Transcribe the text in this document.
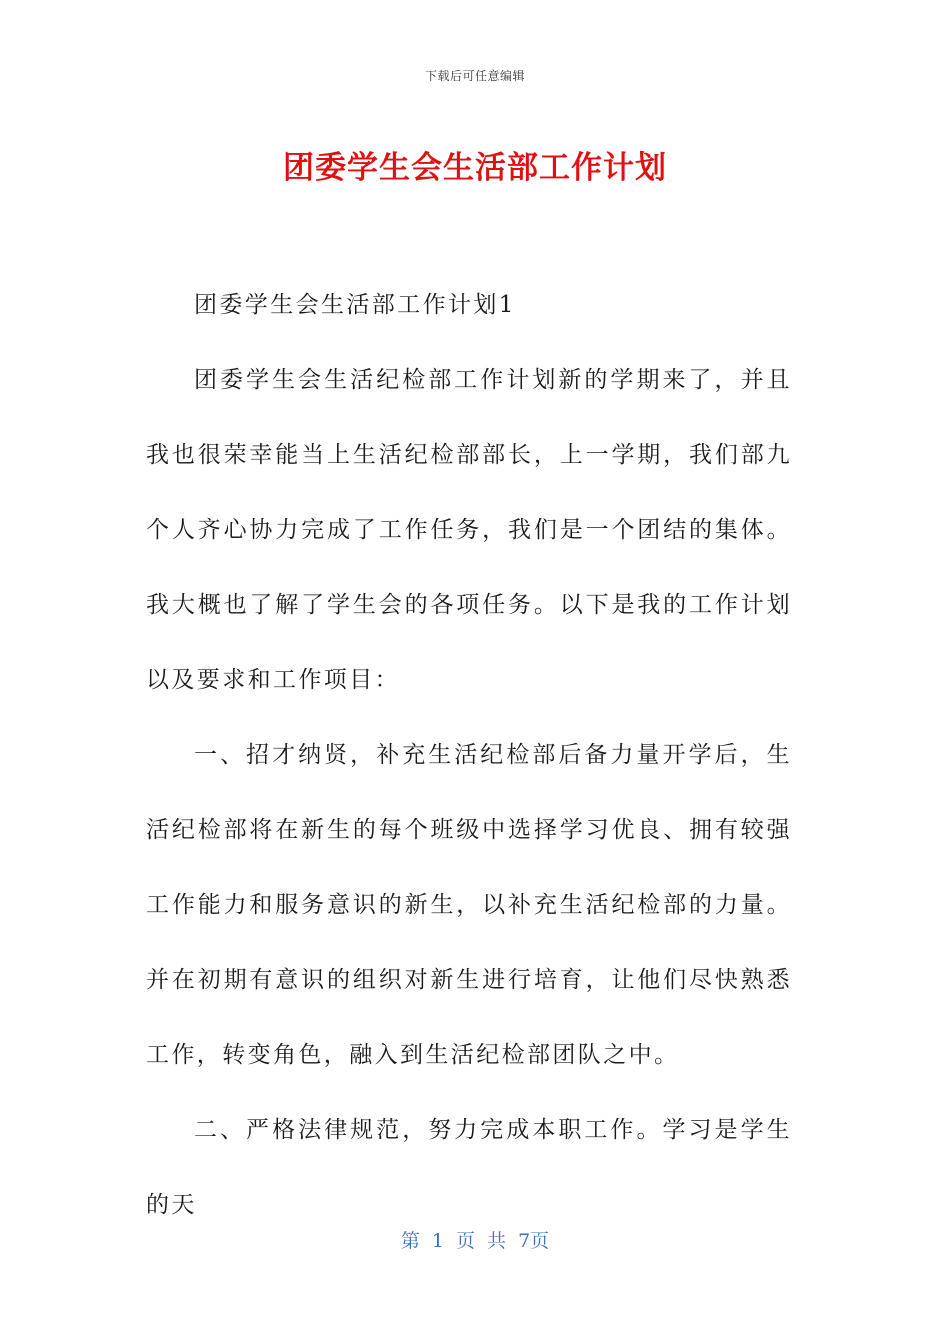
下载后可任意编辑
团委学生会生活部工作计划

团委学生会生活部工作计划1

团委学生会生活纪检部工作计划新的学期来了，并且我也很荣幸能当上生活纪检部部长，上一学期，我们部九个人齐心协力完成了工作任务，我们是一个团结的集体。我大概也了解了学生会的各项任务。以下是我的工作计划以及要求和工作项目：

一、招才纳贤，补充生活纪检部后备力量开学后，生活纪检部将在新生的每个班级中选择学习优良、拥有较强工作能力和服务意识的新生，以补充生活纪检部的力量。并在初期有意识的组织对新生进行培育，让他们尽快熟悉工作，转变角色，融入到生活纪检部团队之中。

二、严格法律规范，努力完成本职工作。学习是学生的天

第 1 页 共 7页
